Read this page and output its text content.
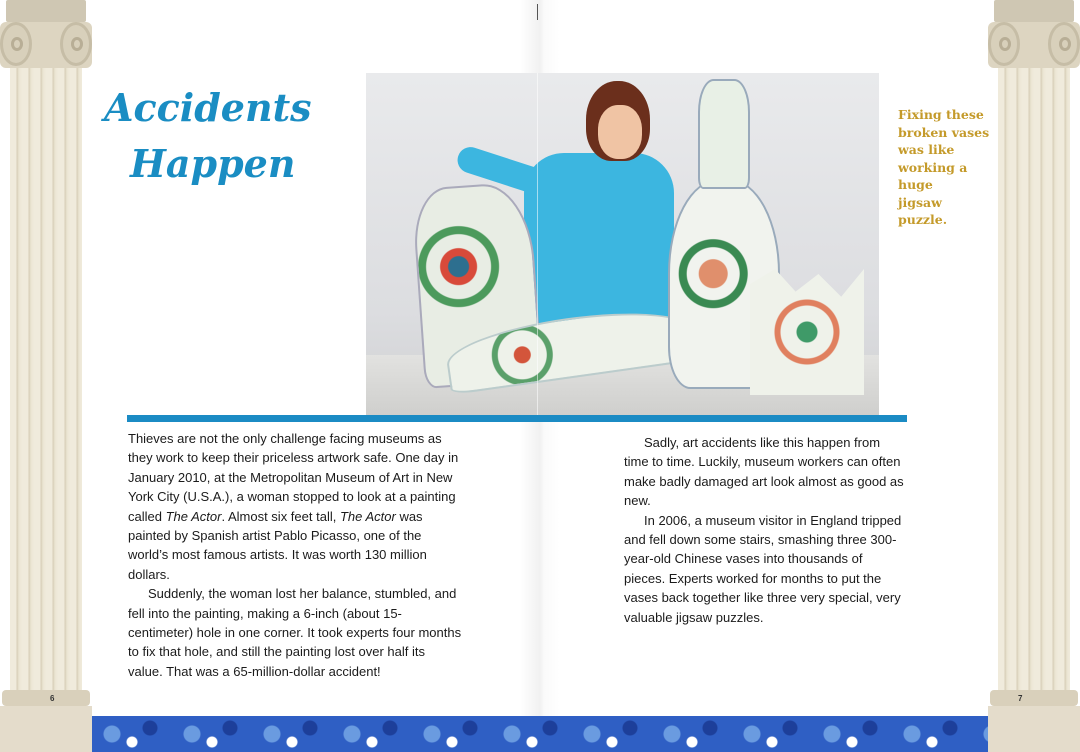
6	7
Accidents
Happen

Fixing these

broken vases

was like

working a huge

jigsaw puzzle.

Thieves are not the only challenge facing museums as they work to keep their priceless artwork safe. One day in January 2010, at the Metropolitan Museum of Art in New York City (U.S.A.), a woman stopped to look at a painting called The Actor. Almost six feet tall, The Actor was painted by Spanish artist Pablo Picasso, one of the world’s most famous artists. It was worth 130 million dollars.

Suddenly, the woman lost her balance, stumbled, and fell into the painting, making a 6-inch (about 15-centimeter) hole in one corner. It took experts four months to fix that hole, and still the painting lost over half its value. That was a 65-million-dollar accident!

Sadly, art accidents like this happen from time to time. Luckily, museum workers can often make badly damaged art look almost as good as new.

In 2006, a museum visitor in England tripped and fell down some stairs, smashing three 300-year-old Chinese vases into thousands of pieces. Experts worked for months to put the vases back together like three very special, very valuable jigsaw puzzles.
